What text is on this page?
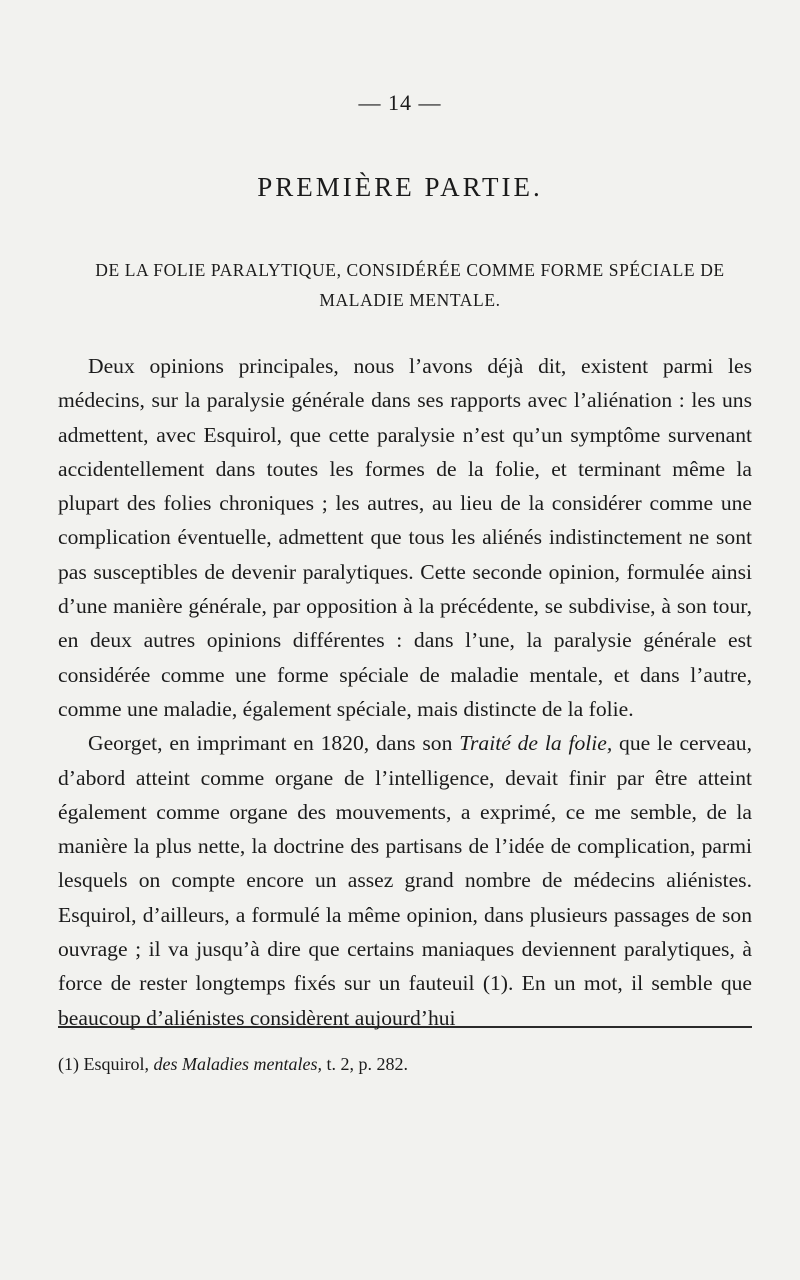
— 14 —
PREMIÈRE PARTIE.
DE LA FOLIE PARALYTIQUE, CONSIDÉRÉE COMME FORME SPÉCIALE DE MALADIE MENTALE.

Deux opinions principales, nous l’avons déjà dit, existent parmi les médecins, sur la paralysie générale dans ses rapports avec l’aliénation : les uns admettent, avec Esquirol, que cette paralysie n’est qu’un symptôme survenant accidentellement dans toutes les formes de la folie, et terminant même la plupart des folies chroniques ; les autres, au lieu de la considérer comme une complication éventuelle, admettent que tous les aliénés indistinctement ne sont pas susceptibles de devenir paralytiques. Cette seconde opinion, formulée ainsi d’une manière générale, par opposition à la précédente, se subdivise, à son tour, en deux autres opinions différentes : dans l’une, la paralysie générale est considérée comme une forme spéciale de maladie mentale, et dans l’autre, comme une maladie, également spéciale, mais distincte de la folie.

Georget, en imprimant en 1820, dans son Traité de la folie, que le cerveau, d’abord atteint comme organe de l’intelligence, devait finir par être atteint également comme organe des mouvements, a exprimé, ce me semble, de la manière la plus nette, la doctrine des partisans de l’idée de complication, parmi lesquels on compte encore un assez grand nombre de médecins aliénistes. Esquirol, d’ailleurs, a formulé la même opinion, dans plusieurs passages de son ouvrage ; il va jusqu’à dire que certains maniaques deviennent paralytiques, à force de rester longtemps fixés sur un fauteuil (1). En un mot, il semble que beaucoup d’aliénistes considèrent aujourd’hui

(1) Esquirol, des Maladies mentales, t. 2, p. 282.
